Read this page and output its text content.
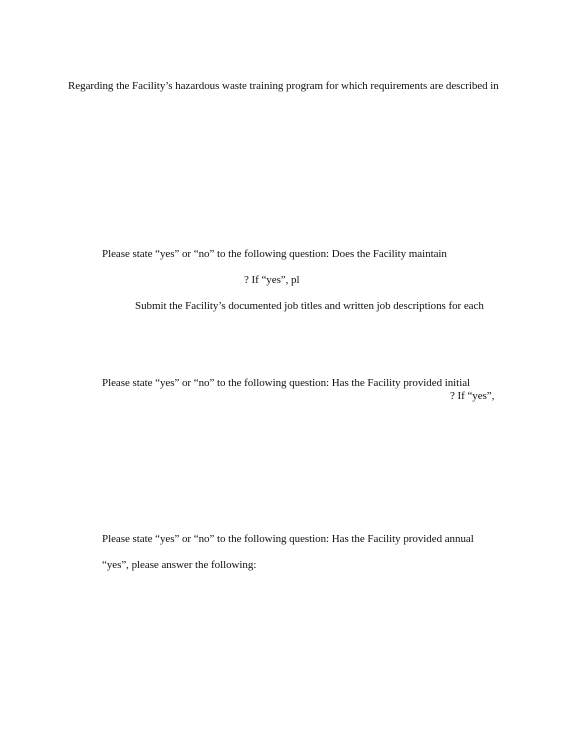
Regarding the Facility’s hazardous waste training program for which requirements are described in
Please state “yes” or “no” to the following question: Does the Facility maintain
? If “yes”, pl
Submit the Facility’s documented job titles and written job descriptions for each
Please state “yes” or “no” to the following question: Has the Facility provided initial
? If “yes”,
Please state “yes” or “no” to the following question: Has the Facility provided annual
“yes”, please answer the following:
